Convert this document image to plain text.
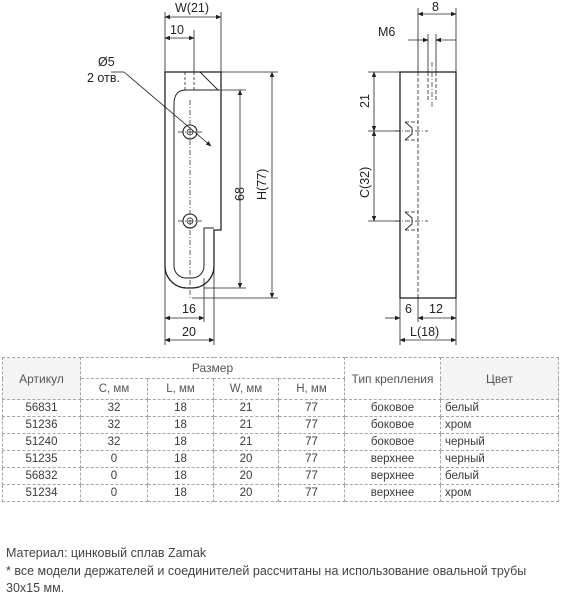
W(21)
10
Ø5
2 отв.
68 H(77)
16
20
8
M6
21
C(32)
6 12
L(18)
Артикул	Размер				Тип крепления	Цвет
	C, мм	L, мм	W, мм	H, мм		
56831	32	18	21	77	боковое	белый
51236	32	18	21	77	боковое	хром
51240	32	18	21	77	боковое	черный
51235	0	18	20	77	верхнее	черный
56832	0	18	20	77	верхнее	белый
51234	0	18	20	77	верхнее	хром

Материал: цинковый сплав Zamak

* все модели держателей и соединителей рассчитаны на использование овальной трубы 30x15 мм.
